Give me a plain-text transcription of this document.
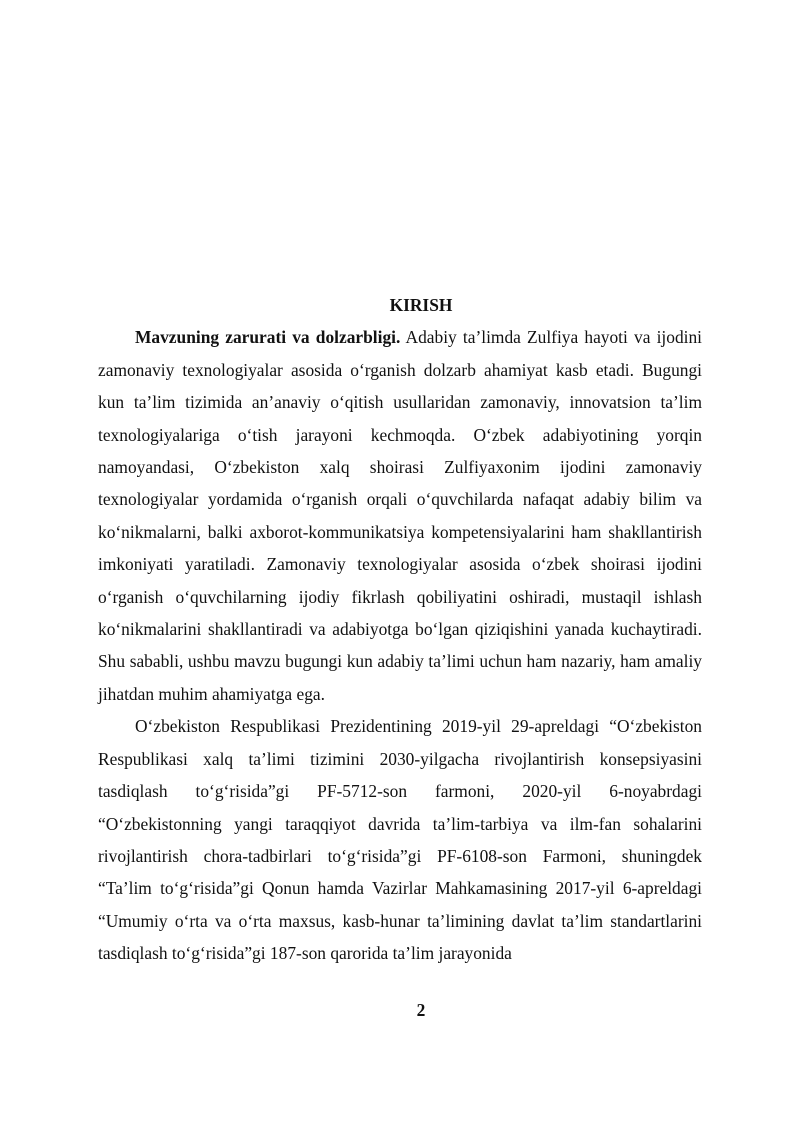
KIRISH

Mavzuning zarurati va dolzarbligi. Adabiy ta’limda Zulfiya hayoti va ijodini zamonaviy texnologiyalar asosida o‘rganish dolzarb ahamiyat kasb etadi. Bugungi kun ta’lim tizimida an’anaviy o‘qitish usullaridan zamonaviy, innovatsion ta’lim texnologiyalariga o‘tish jarayoni kechmoqda. O‘zbek adabiyotining yorqin namoyandasi, O‘zbekiston xalq shoirasi Zulfiyaxonim ijodini zamonaviy texnologiyalar yordamida o‘rganish orqali o‘quvchilarda nafaqat adabiy bilim va ko‘nikmalarni, balki axborot-kommunikatsiya kompetensiyalarini ham shakllantirish imkoniyati yaratiladi. Zamonaviy texnologiyalar asosida o‘zbek shoirasi ijodini o‘rganish o‘quvchilarning ijodiy fikrlash qobiliyatini oshiradi, mustaqil ishlash ko‘nikmalarini shakllantiradi va adabiyotga bo‘lgan qiziqishini yanada kuchaytiradi. Shu sababli, ushbu mavzu bugungi kun adabiy ta’limi uchun ham nazariy, ham amaliy jihatdan muhim ahamiyatga ega.

O‘zbekiston Respublikasi Prezidentining 2019-yil 29-apreldagi “O‘zbekiston Respublikasi xalq ta’limi tizimini 2030-yilgacha rivojlantirish konsepsiyasini tasdiqlash to‘g‘risida”gi PF-5712-son farmoni, 2020-yil 6-noyabrdagi “O‘zbekistonning yangi taraqqiyot davrida ta’lim-tarbiya va ilm-fan sohalarini rivojlantirish chora-tadbirlari to‘g‘risida”gi PF-6108-son Farmoni, shuningdek “Ta’lim to‘g‘risida”gi Qonun hamda Vazirlar Mahkamasining 2017-yil 6-apreldagi “Umumiy o‘rta va o‘rta maxsus, kasb-hunar ta’limining davlat ta’lim standartlarini tasdiqlash to‘g‘risida”gi 187-son qarorida ta’lim jarayonida

2
